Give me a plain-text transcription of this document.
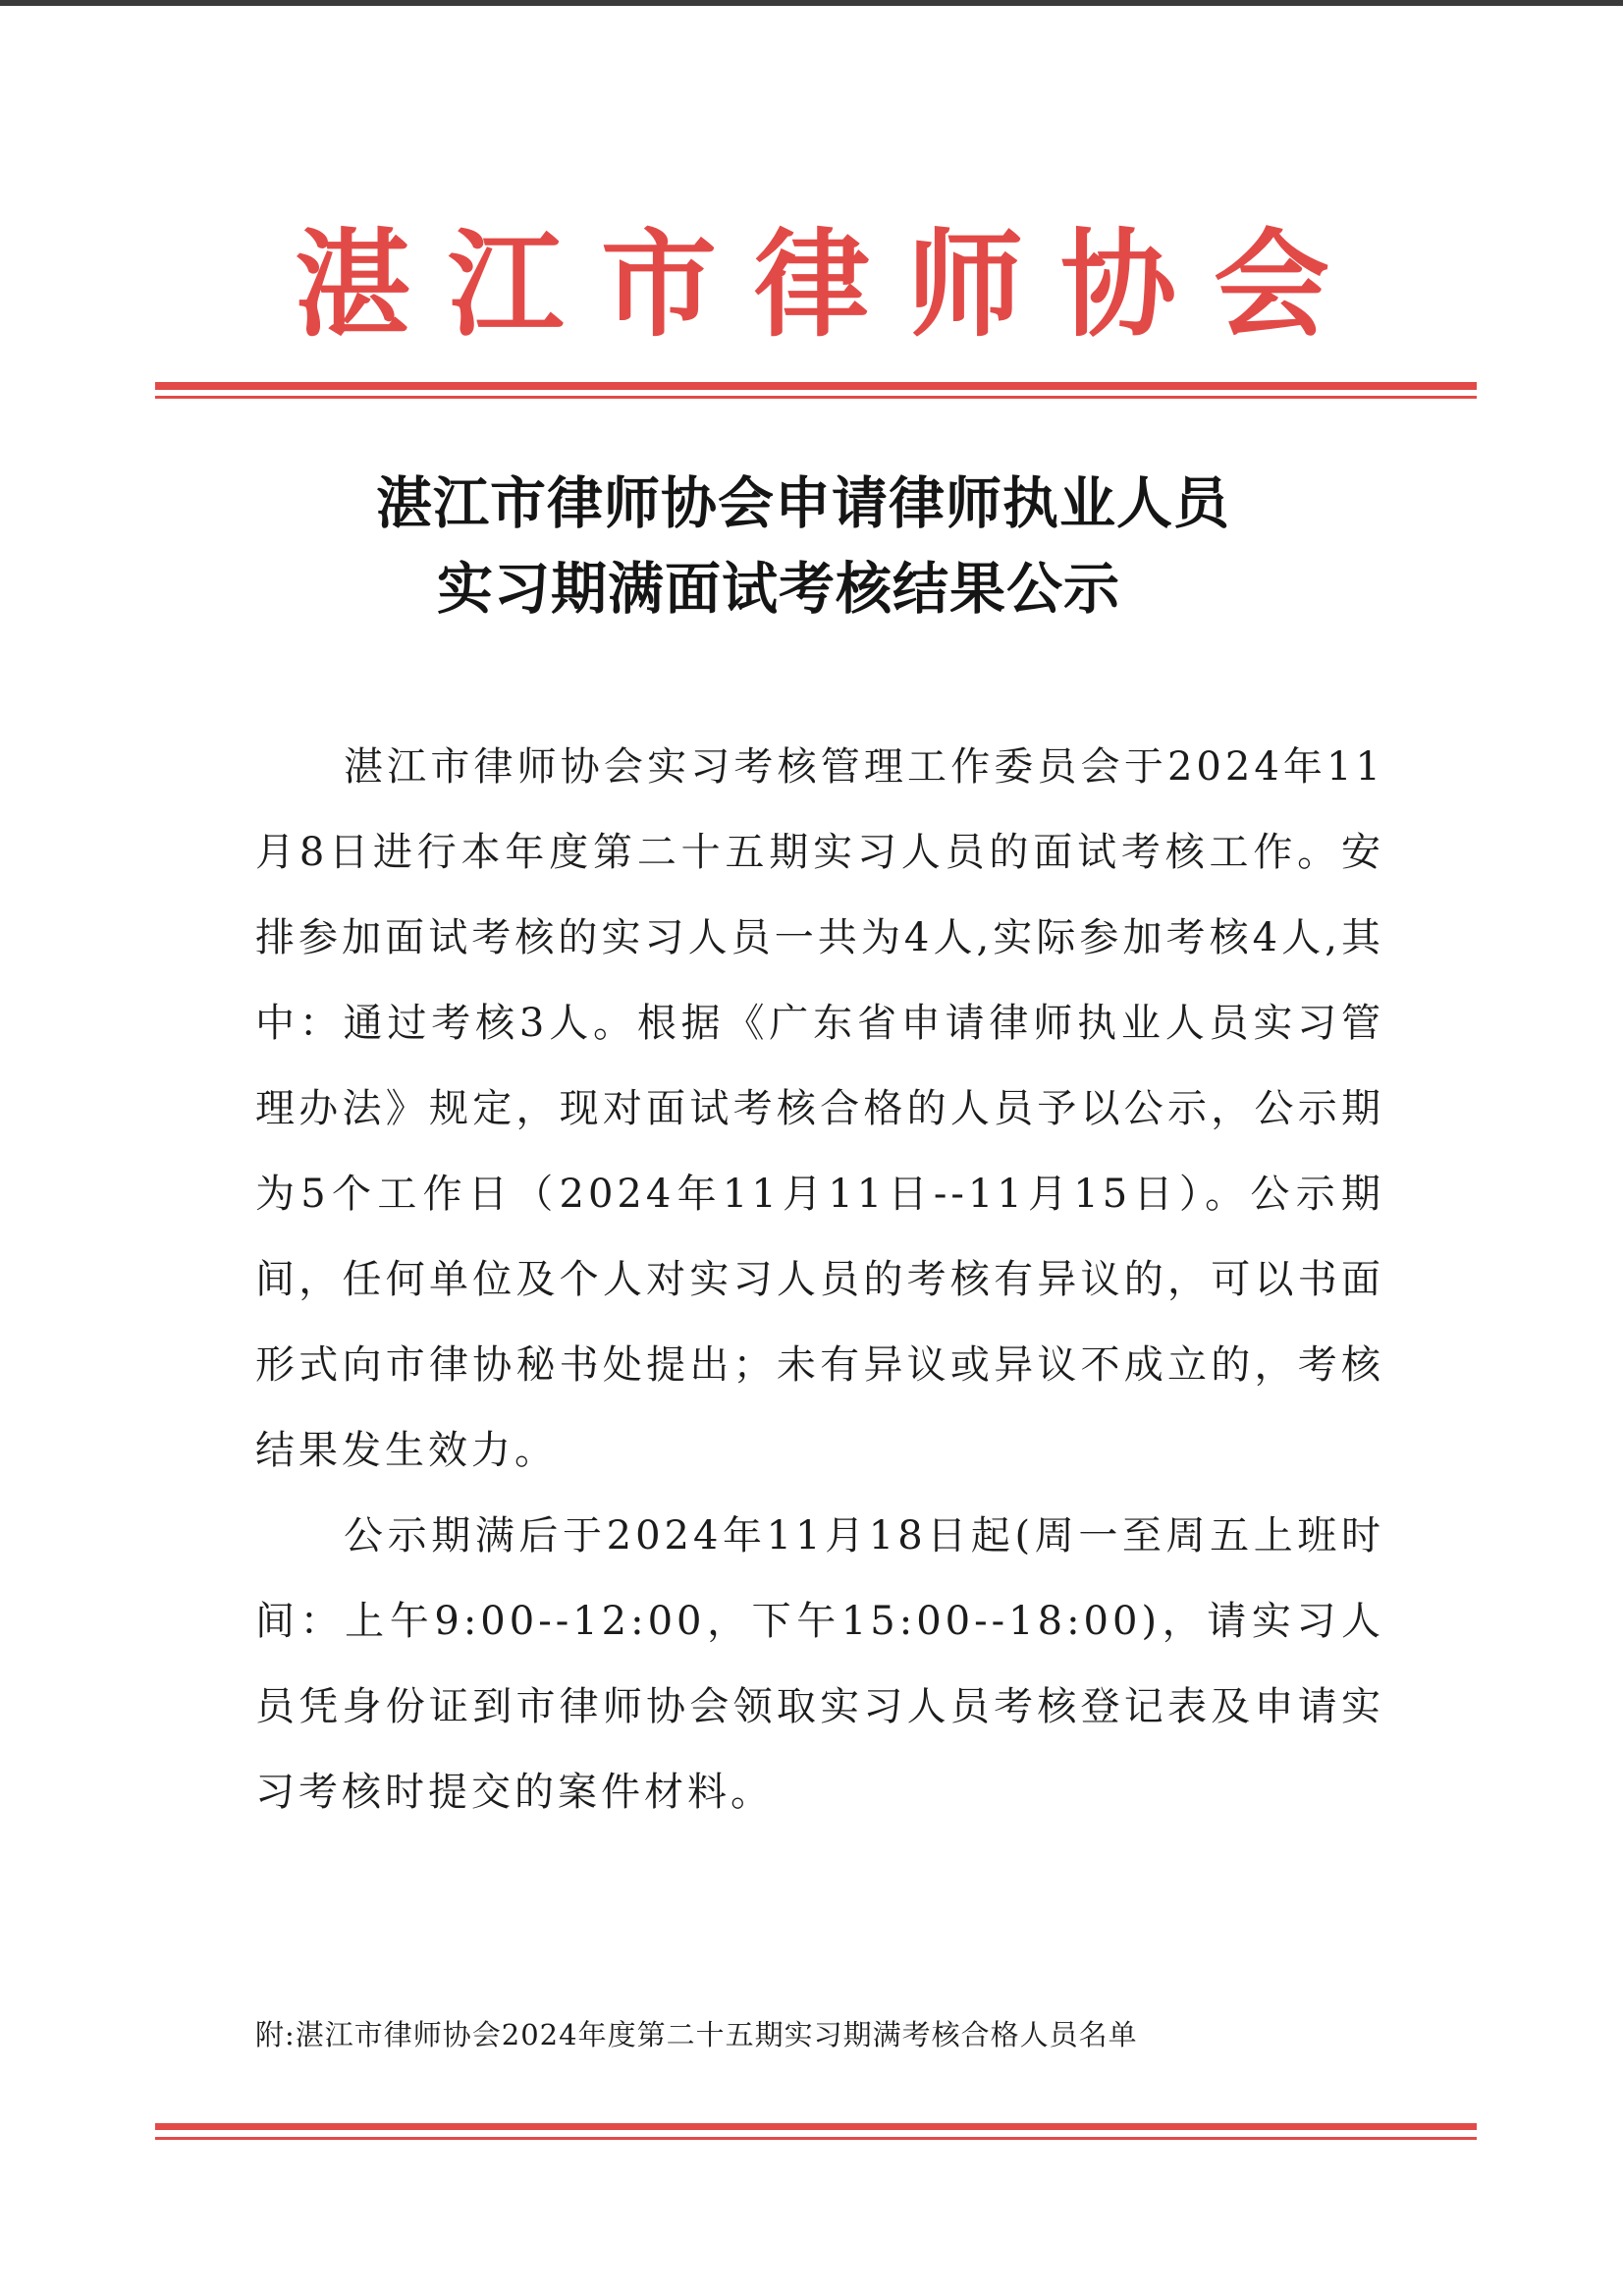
湛江市律师协会
湛江市律师协会申请律师执业人员
实习期满面试考核结果公示

湛江市律师协会实习考核管理工作委员会于2024年11月8日进行本年度第二十五期实习人员的面试考核工作。安排参加面试考核的实习人员一共为4人,实际参加考核4人,其中：通过考核3人。根据《广东省申请律师执业人员实习管理办法》规定，现对面试考核合格的人员予以公示，公示期为5个工作日（2024年11月11日--11月15日）。公示期间，任何单位及个人对实习人员的考核有异议的，可以书面形式向市律协秘书处提出；未有异议或异议不成立的，考核结果发生效力。

公示期满后于2024年11月18日起(周一至周五上班时间：上午9:00--12:00，下午15:00--18:00)，请实习人员凭身份证到市律师协会领取实习人员考核登记表及申请实习考核时提交的案件材料。

附:湛江市律师协会2024年度第二十五期实习期满考核合格人员名单
